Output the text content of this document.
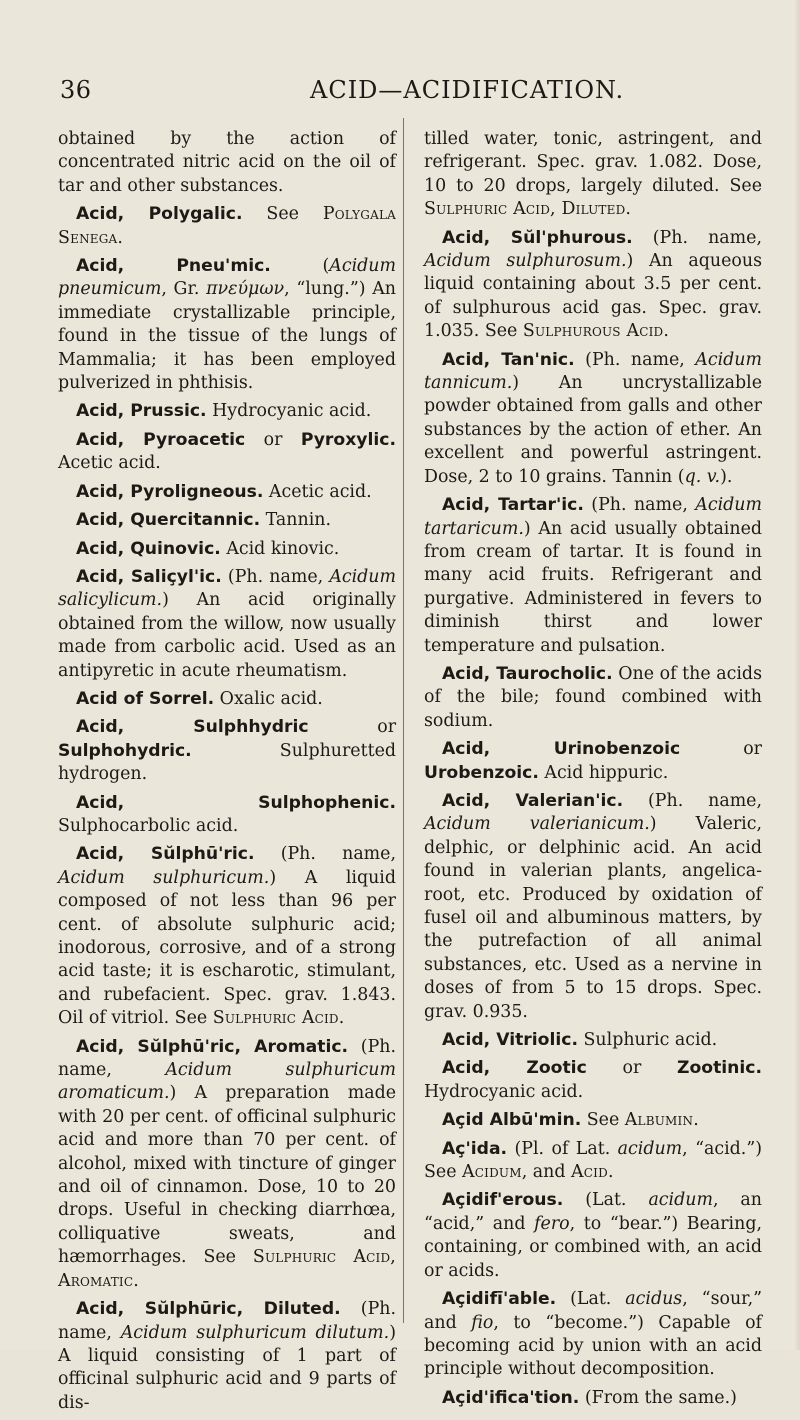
36	ACID—ACIDIFICATION.

obtained by the action of concentrated nitric acid on the oil of tar and other substances.

Acid, Polygalic. See Polygala Senega.

Acid, Pneu'mic. (Acidum pneumicum, Gr. πνεύμων, “lung.”) An immediate crystallizable principle, found in the tissue of the lungs of Mammalia; it has been employed pulverized in phthisis.

Acid, Prussic. Hydrocyanic acid.

Acid, Pyroacetic or Pyroxylic. Acetic acid.

Acid, Pyroligneous. Acetic acid.

Acid, Quercitannic. Tannin.

Acid, Quinovic. Acid kinovic.

Acid, Saliçyl'ic. (Ph. name, Acidum salicylicum.) An acid originally obtained from the willow, now usually made from carbolic acid. Used as an antipyretic in acute rheumatism.

Acid of Sorrel. Oxalic acid.

Acid, Sulphhydric or Sulphohydric. Sulphuretted hydrogen.

Acid, Sulphophenic. Sulphocarbolic acid.

Acid, Sŭlphū'ric. (Ph. name, Acidum sulphuricum.) A liquid composed of not less than 96 per cent. of absolute sulphuric acid; inodorous, corrosive, and of a strong acid taste; it is escharotic, stimulant, and rubefacient. Spec. grav. 1.843. Oil of vitriol. See Sulphuric Acid.

Acid, Sŭlphū'ric, Aromatic. (Ph. name, Acidum sulphuricum aromaticum.) A preparation made with 20 per cent. of officinal sulphuric acid and more than 70 per cent. of alcohol, mixed with tincture of ginger and oil of cinnamon. Dose, 10 to 20 drops. Useful in checking diarrhœa, colliquative sweats, and hæmorrhages. See Sulphuric Acid, Aromatic.

Acid, Sŭlphūric, Diluted. (Ph. name, Acidum sulphuricum dilutum.) A liquid consisting of 1 part of officinal sulphuric acid and 9 parts of dis-

tilled water, tonic, astringent, and refrigerant. Spec. grav. 1.082. Dose, 10 to 20 drops, largely diluted. See Sulphuric Acid, Diluted.

Acid, Sŭl'phurous. (Ph. name, Acidum sulphurosum.) An aqueous liquid containing about 3.5 per cent. of sulphurous acid gas. Spec. grav. 1.035. See Sulphurous Acid.

Acid, Tan'nic. (Ph. name, Acidum tannicum.) An uncrystallizable powder obtained from galls and other substances by the action of ether. An excellent and powerful astringent. Dose, 2 to 10 grains. Tannin (q. v.).

Acid, Tartar'ic. (Ph. name, Acidum tartaricum.) An acid usually obtained from cream of tartar. It is found in many acid fruits. Refrigerant and purgative. Administered in fevers to diminish thirst and lower temperature and pulsation.

Acid, Taurocholic. One of the acids of the bile; found combined with sodium.

Acid, Urinobenzoic or Urobenzoic. Acid hippuric.

Acid, Valerian'ic. (Ph. name, Acidum valerianicum.) Valeric, delphic, or delphinic acid. An acid found in valerian plants, angelica-root, etc. Produced by oxidation of fusel oil and albuminous matters, by the putrefaction of all animal substances, etc. Used as a nervine in doses of from 5 to 15 drops. Spec. grav. 0.935.

Acid, Vitriolic. Sulphuric acid.

Acid, Zootic or Zootinic. Hydrocyanic acid.

Açid Albū'min. See Albumin.

Aç'ida. (Pl. of Lat. acidum, “acid.”) See Acidum, and Acid.

Açidif'erous. (Lat. acidum, an “acid,” and fero, to “bear.”) Bearing, containing, or combined with, an acid or acids.

Açidifī'able. (Lat. acidus, “sour,” and fio, to “become.”) Capable of becoming acid by union with an acid principle without decomposition.

Açid'ifica'tion. (From the same.)
